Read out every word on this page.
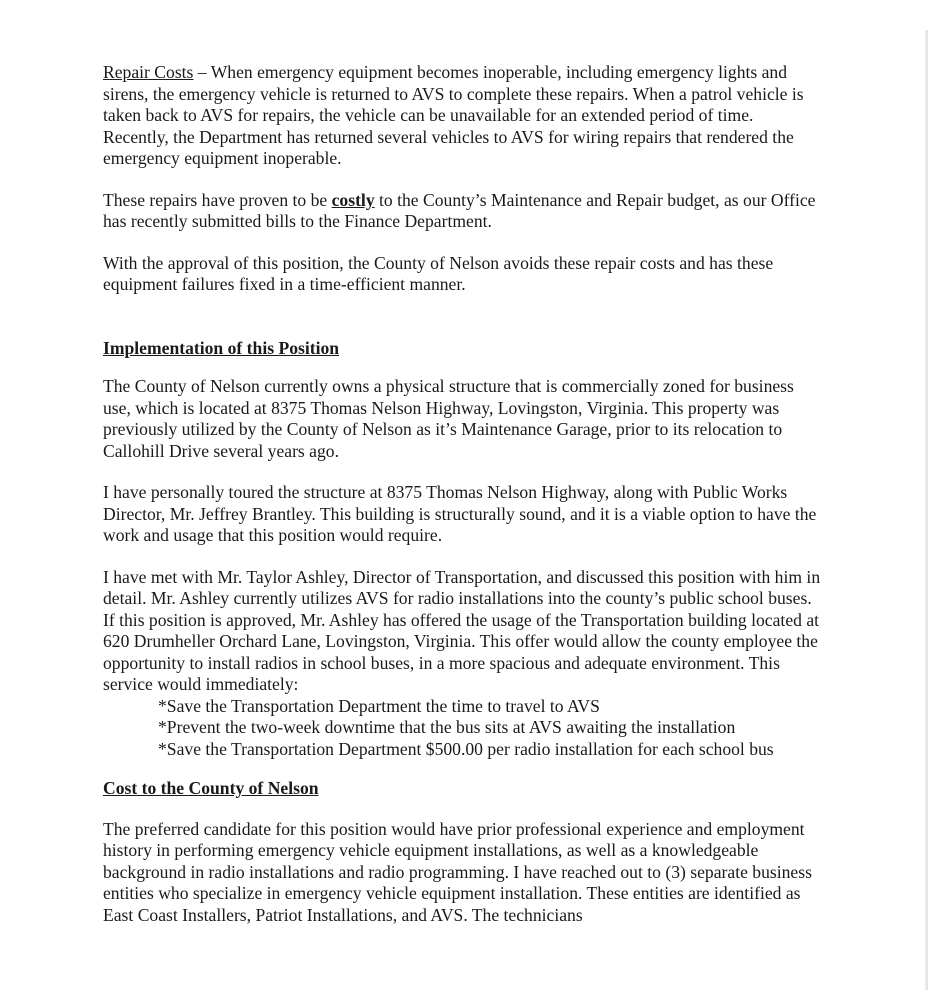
Repair Costs – When emergency equipment becomes inoperable, including emergency lights and sirens, the emergency vehicle is returned to AVS to complete these repairs. When a patrol vehicle is taken back to AVS for repairs, the vehicle can be unavailable for an extended period of time. Recently, the Department has returned several vehicles to AVS for wiring repairs that rendered the emergency equipment inoperable.

These repairs have proven to be costly to the County’s Maintenance and Repair budget, as our Office has recently submitted bills to the Finance Department.

With the approval of this position, the County of Nelson avoids these repair costs and has these equipment failures fixed in a time-efficient manner.

Implementation of this Position

The County of Nelson currently owns a physical structure that is commercially zoned for business use, which is located at 8375 Thomas Nelson Highway, Lovingston, Virginia. This property was previously utilized by the County of Nelson as it’s Maintenance Garage, prior to its relocation to Callohill Drive several years ago.

I have personally toured the structure at 8375 Thomas Nelson Highway, along with Public Works Director, Mr. Jeffrey Brantley. This building is structurally sound, and it is a viable option to have the work and usage that this position would require.

I have met with Mr. Taylor Ashley, Director of Transportation, and discussed this position with him in detail. Mr. Ashley currently utilizes AVS for radio installations into the county’s public school buses. If this position is approved, Mr. Ashley has offered the usage of the Transportation building located at 620 Drumheller Orchard Lane, Lovingston, Virginia. This offer would allow the county employee the opportunity to install radios in school buses, in a more spacious and adequate environment. This service would immediately:

*Save the Transportation Department the time to travel to AVS
*Prevent the two-week downtime that the bus sits at AVS awaiting the installation
*Save the Transportation Department $500.00 per radio installation for each school bus

Cost to the County of Nelson

The preferred candidate for this position would have prior professional experience and employment history in performing emergency vehicle equipment installations, as well as a knowledgeable background in radio installations and radio programming. I have reached out to (3) separate business entities who specialize in emergency vehicle equipment installation. These entities are identified as East Coast Installers, Patriot Installations, and AVS. The technicians
